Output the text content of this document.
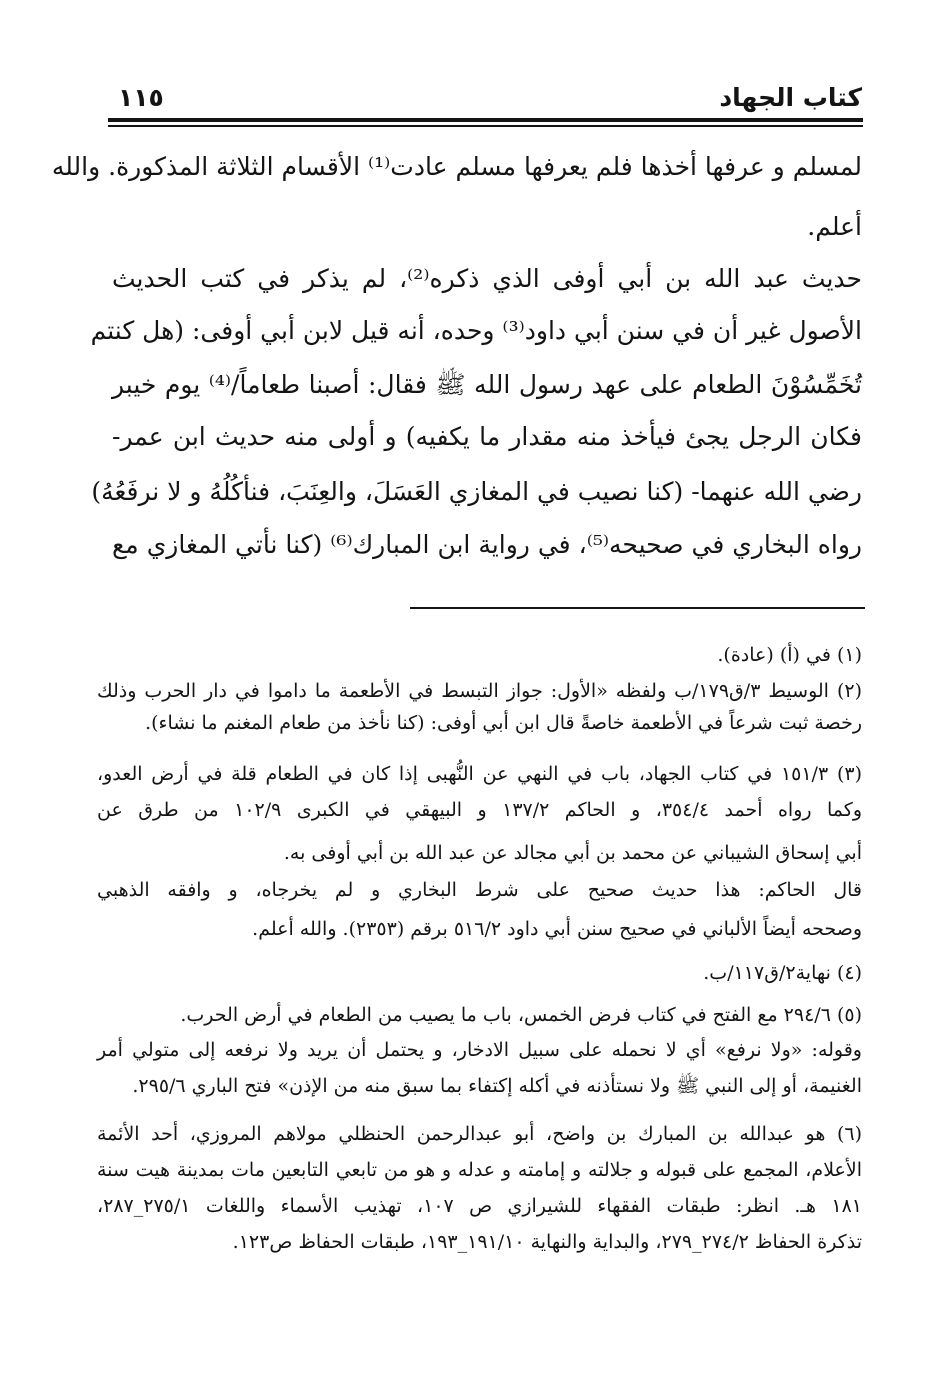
كتاب الجهاد
١١٥
لمسلم و عرفها أخذها فلم يعرفها مسلم عادت⁽¹⁾ الأقسام الثلاثة المذكورة. والله
أعلم.
حديث عبد الله بن أبي أوفى الذي ذكره⁽²⁾، لم يذكر في كتب الحديث
الأصول غير أن في سنن أبي داود⁽³⁾ وحده، أنه قيل لابن أبي أوفى: (هل كنتم
تُخَمِّسُوْنَ الطعام على عهد رسول الله ﷺ فقال: أصبنا طعاماً/⁽⁴⁾ يوم خيبر
فكان الرجل يجئ فيأخذ منه مقدار ما يكفيه) و أولى منه حديث ابن عمر-
رضي الله عنهما- (كنا نصيب في المغازي العَسَلَ، والعِنَبَ، فنأكُلُهُ و لا نرفَعُهُ)
رواه البخاري في صحيحه⁽⁵⁾، في رواية ابن المبارك⁽⁶⁾ (كنا نأتي المغازي مع
(١) في (أ) (عادة).
(٢) الوسيط ٣/ق١٧٩/ب ولفظه «الأول: جواز التبسط في الأطعمة ما داموا في دار الحرب وذلك
رخصة ثبت شرعاً في الأطعمة خاصةً قال ابن أبي أوفى: (كنا نأخذ من طعام المغنم ما نشاء).
(٣) ١٥١/٣ في كتاب الجهاد، باب في النهي عن النُّهبى إذا كان في الطعام قلة في أرض العدو،
وكما رواه أحمد ٣٥٤/٤، و الحاكم ١٣٧/٢ و البيهقي في الكبرى ١٠٢/٩ من طرق عن
أبي إسحاق الشيباني عن محمد بن أبي مجالد عن عبد الله بن أبي أوفى به.
قال الحاكم: هذا حديث صحيح على شرط البخاري و لم يخرجاه، و وافقه الذهبي
وصححه أيضاً الألباني في صحيح سنن أبي داود ٥١٦/٢ برقم (٢٣٥٣). والله أعلم.
(٤) نهاية٢/ق١١٧/ب.
(٥) ٢٩٤/٦ مع الفتح في كتاب فرض الخمس، باب ما يصيب من الطعام في أرض الحرب.
وقوله: «ولا نرفع» أي لا نحمله على سبيل الادخار، و يحتمل أن يريد ولا نرفعه إلى متولي أمر
الغنيمة، أو إلى النبي ﷺ ولا نستأذنه في أكله إكتفاء بما سبق منه من الإذن» فتح الباري ٢٩٥/٦.
(٦) هو عبدالله بن المبارك بن واضح، أبو عبدالرحمن الحنظلي مولاهم المروزي، أحد الأئمة
الأعلام، المجمع على قبوله و جلالته و إمامته و عدله و هو من تابعي التابعين مات بمدينة هيت سنة
١٨١ هـ. انظر: طبقات الفقهاء للشيرازي ص ١٠٧، تهذيب الأسماء واللغات ٢٧٥/١_٢٨٧،
تذكرة الحفاظ ٢٧٤/٢_٢٧٩، والبداية والنهاية ١٩١/١٠_١٩٣، طبقات الحفاظ ص١٢٣.
